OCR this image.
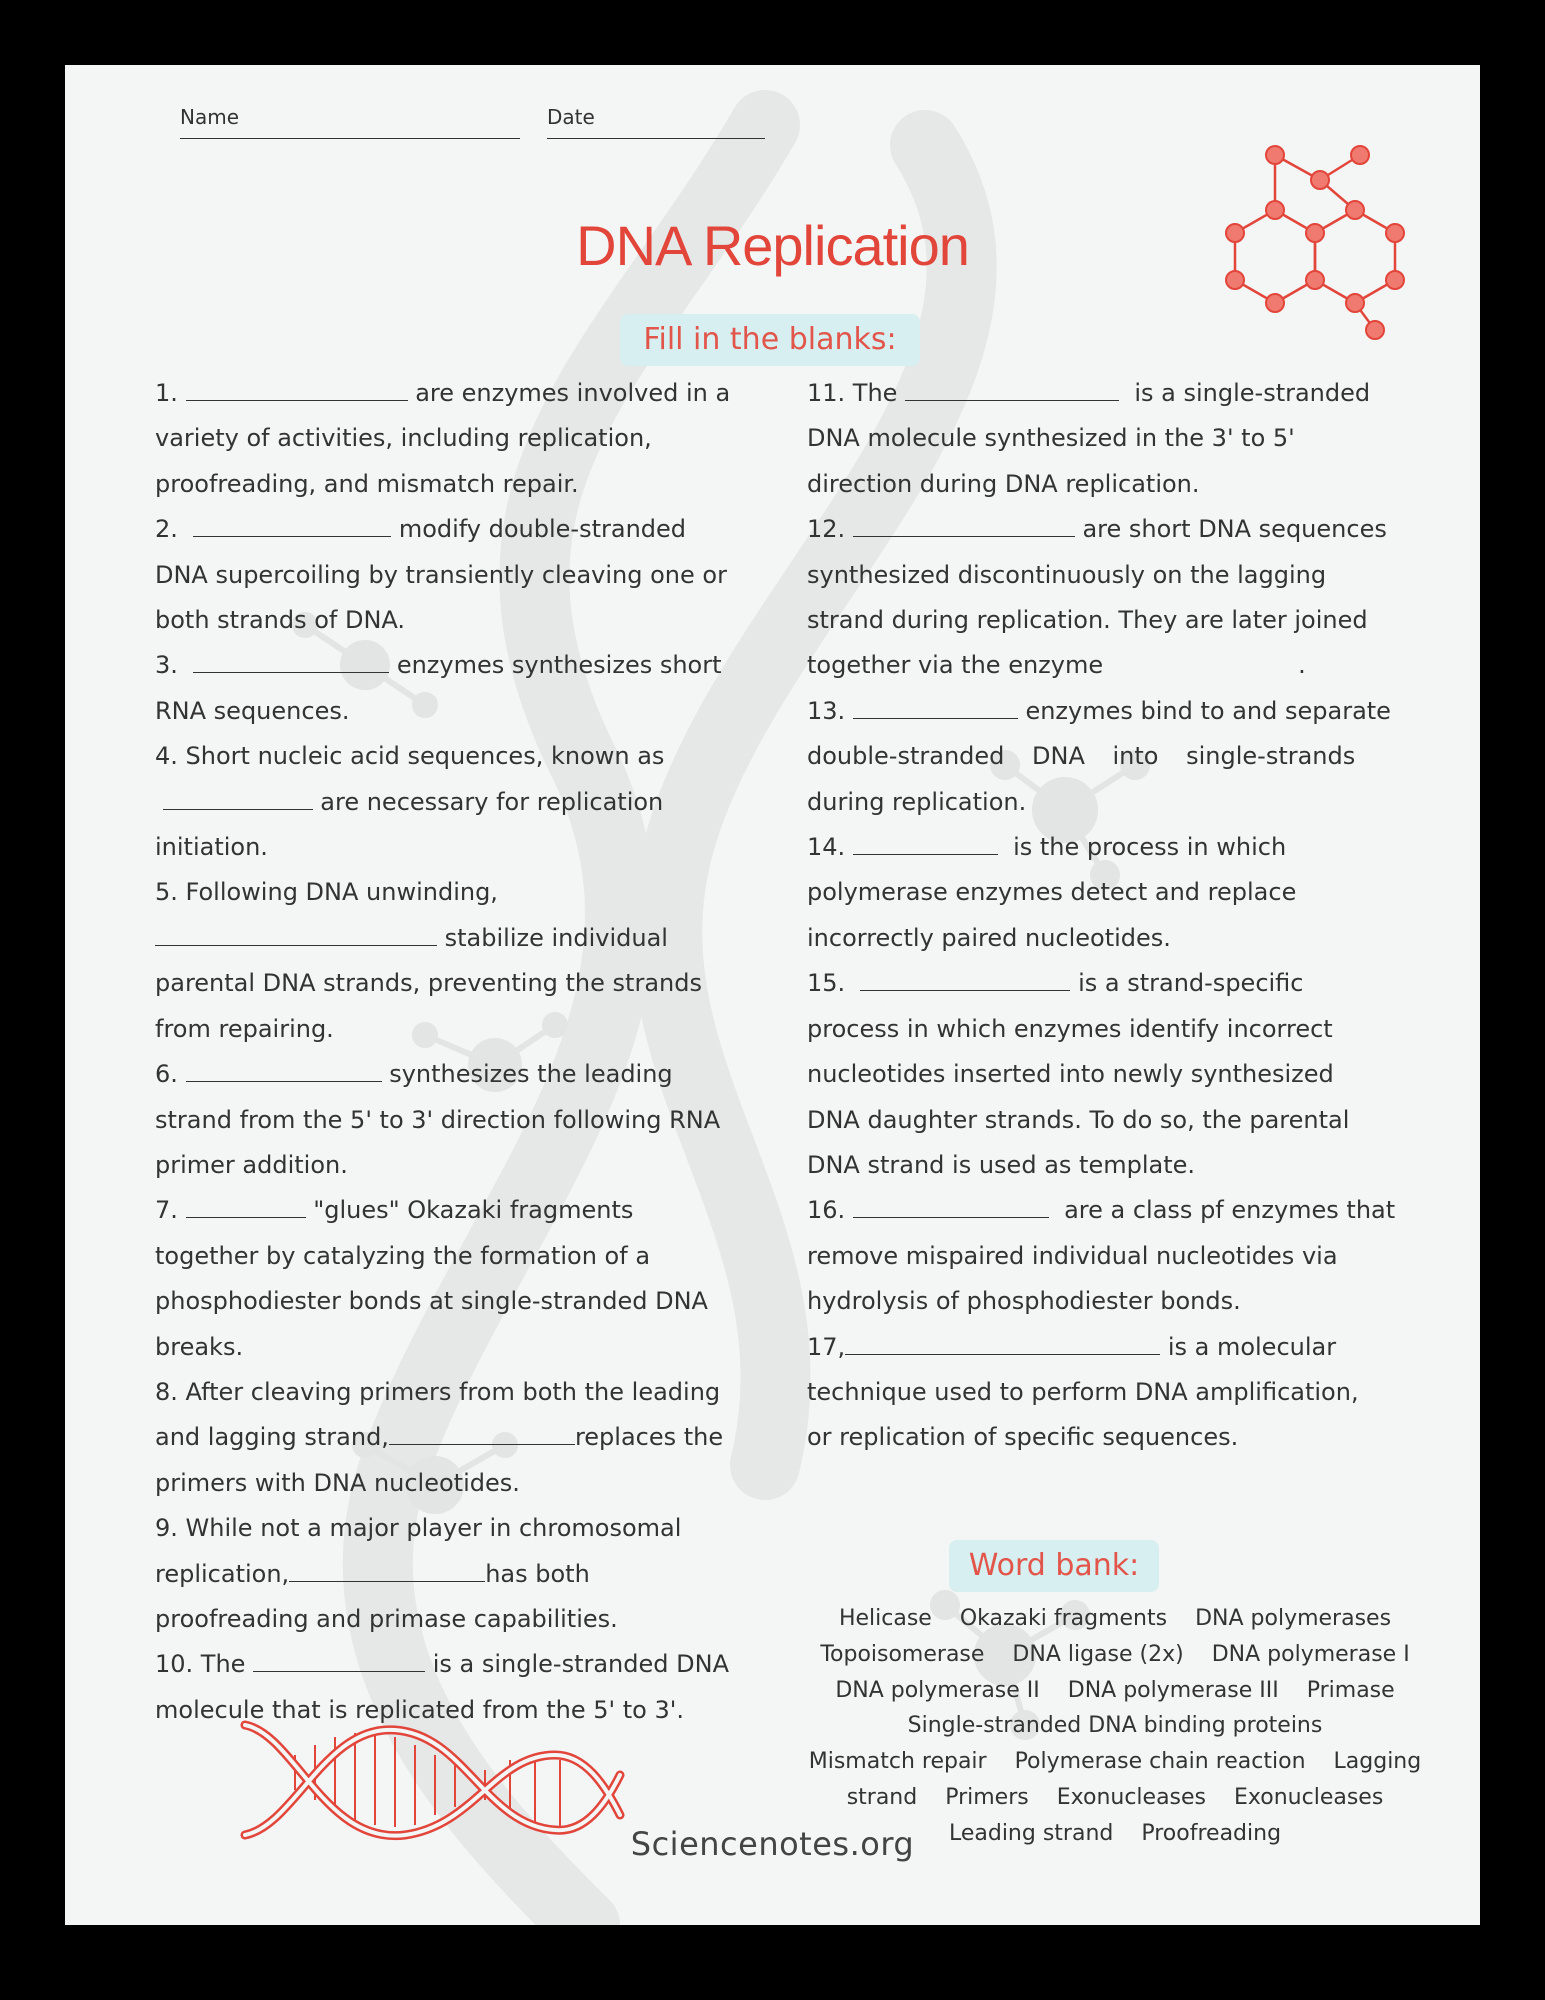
Name	Date
DNA Replication
Fill in the blanks:

1.	are enzymes involved in a

variety of activities, including replication,

proofreading, and mismatch repair.

2.	modify double-stranded

DNA supercoiling by transiently cleaving one or

both strands of DNA.

3.	enzymes synthesizes short

RNA sequences.

4. Short nucleic acid sequences, known as

are necessary for replication

initiation.

5. Following DNA unwinding,

stabilize individual

parental DNA strands, preventing the strands

from repairing.

6.	synthesizes the leading

strand from the 5' to 3' direction following RNA

primer addition.

7.	"glues" Okazaki fragments

together by catalyzing the formation of a

phosphodiester bonds at single-stranded DNA

breaks.

8. After cleaving primers from both the leading

and lagging strand,	replaces the

primers with DNA nucleotides.

9. While not a major player in chromosomal

replication,	has both

proofreading and primase capabilities.

10. The	is a single-stranded DNA

molecule that is replicated from the 5' to 3'.

11. The	is a single-stranded

DNA molecule synthesized in the 3' to 5'

direction during DNA replication.

12.	are short DNA sequences

synthesized discontinuously on the lagging

strand during replication. They are later joined

together via the enzyme	.

13.	enzymes bind to and separate

double-stranded DNA into single-strands

during replication.

14.	is the process in which

polymerase enzymes detect and replace

incorrectly paired nucleotides.

15.	is a strand-specific

process in which enzymes identify incorrect

nucleotides inserted into newly synthesized

DNA daughter strands. To do so, the parental

DNA strand is used as template.

16.	are a class pf enzymes that

remove mispaired individual nucleotides via

hydrolysis of phosphodiester bonds.

17,	is a molecular

technique used to perform DNA amplification,

or replication of specific sequences.

Word bank:
Helicase Okazaki fragments DNA polymerases
Topoisomerase DNA ligase (2x) DNA polymerase I
DNA polymerase II DNA polymerase III Primase
Single-stranded DNA binding proteins
Mismatch repair Polymerase chain reaction Lagging
strand Primers Exonucleases Exonucleases
Leading strand Proofreading
Sciencenotes.org
